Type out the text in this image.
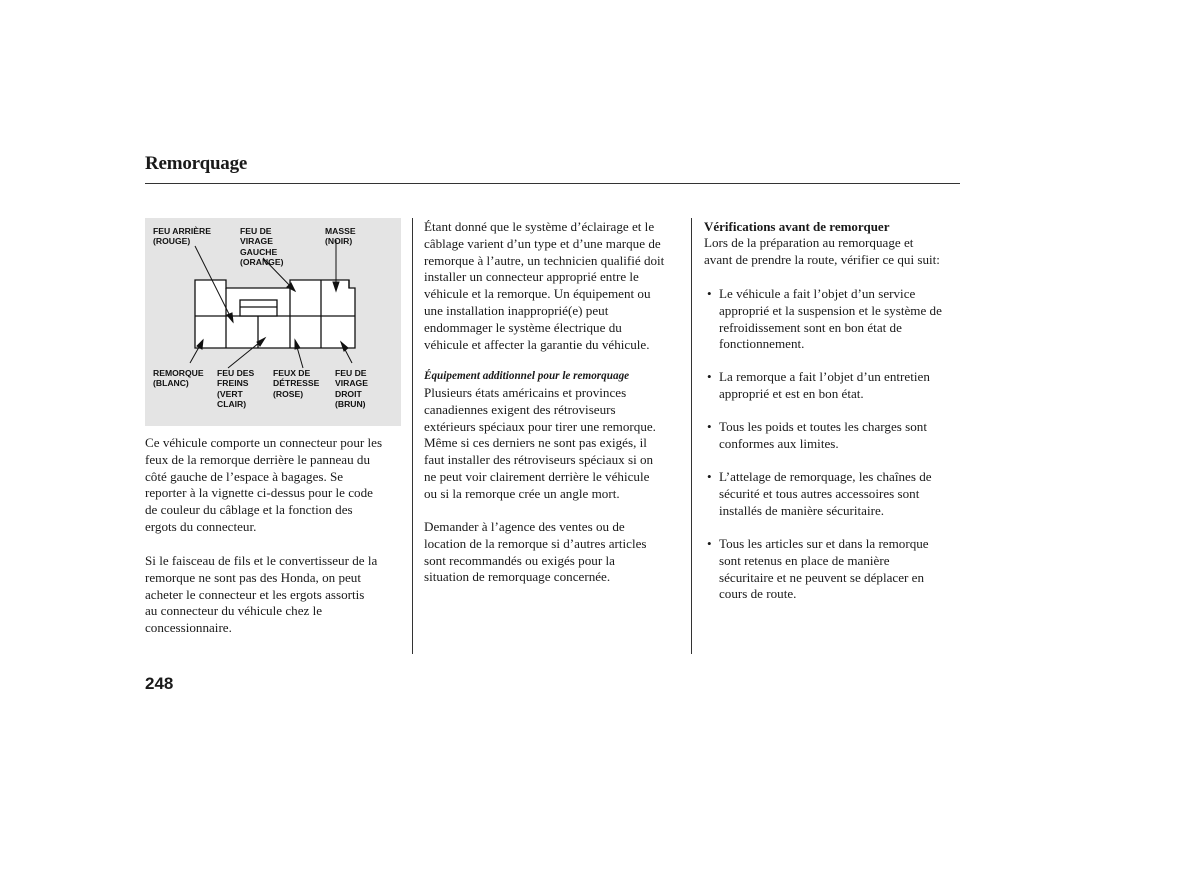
Remorquage
FEU ARRIÈRE
(ROUGE)
FEU DE
VIRAGE
GAUCHE
(ORANGE)
MASSE
(NOIR)
REMORQUE
(BLANC)
FEU DES
FREINS
(VERT
CLAIR)
FEUX DE
DÉTRESSE
(ROSE)
FEU DE
VIRAGE
DROIT
(BRUN)
Ce véhicule comporte un connecteur pour les
feux de la remorque derrière le panneau du
côté gauche de l’espace à bagages. Se
reporter à la vignette ci-dessus pour le code
de couleur du câblage et la fonction des
ergots du connecteur.
Si le faisceau de fils et le convertisseur de la
remorque ne sont pas des Honda, on peut
acheter le connecteur et les ergots assortis
au connecteur du véhicule chez le
concessionnaire.
Étant donné que le système d’éclairage et le
câblage varient d’un type et d’une marque de
remorque à l’autre, un technicien qualifié doit
installer un connecteur approprié entre le
véhicule et la remorque. Un équipement ou
une installation inapproprié(e) peut
endommager le système électrique du
véhicule et affecter la garantie du véhicule.
Équipement additionnel pour le remorquage
Plusieurs états américains et provinces
canadiennes exigent des rétroviseurs
extérieurs spéciaux pour tirer une remorque.
Même si ces derniers ne sont pas exigés, il
faut installer des rétroviseurs spéciaux si on
ne peut voir clairement derrière le véhicule
ou si la remorque crée un angle mort.
Demander à l’agence des ventes ou de
location de la remorque si d’autres articles
sont recommandés ou exigés pour la
situation de remorquage concernée.
Vérifications avant de remorquer
Lors de la préparation au remorquage et
avant de prendre la route, vérifier ce qui suit:
• Le véhicule a fait l’objet d’un service
approprié et la suspension et le système de
refroidissement sont en bon état de
fonctionnement.
• La remorque a fait l’objet d’un entretien
approprié et est en bon état.
• Tous les poids et toutes les charges sont
conformes aux limites.
• L’attelage de remorquage, les chaînes de
sécurité et tous autres accessoires sont
installés de manière sécuritaire.
• Tous les articles sur et dans la remorque
sont retenus en place de manière
sécuritaire et ne peuvent se déplacer en
cours de route.
248
